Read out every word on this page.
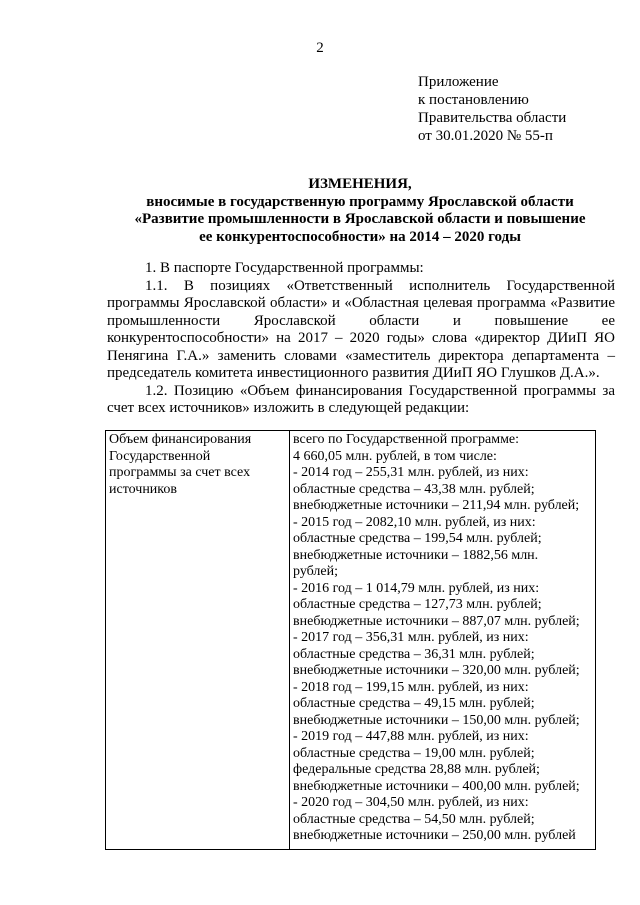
2
Приложение
к постановлению
Правительства области
от 30.01.2020 № 55-п
ИЗМЕНЕНИЯ,
вносимые в государственную программу Ярославской области
«Развитие промышленности в Ярославской области и повышение
ее конкурентоспособности» на 2014 – 2020 годы

1. В паспорте Государственной программы:

1.1. В позициях «Ответственный исполнитель Государственной программы Ярославской области» и «Областная целевая программа «Развитие промышленности Ярославской области и повышение ее конкурентоспособности» на 2017 – 2020 годы» слова «директор ДИиП ЯО Пенягина Г.А.» заменить словами «заместитель директора департамента – председатель комитета инвестиционного развития ДИиП ЯО Глушков Д.А.».

1.2. Позицию «Объем финансирования Государственной программы за счет всех источников» изложить в следующей редакции:

Объем финансирования
Государственной
программы за счет всех
источников

всего по Государственной программе:
4 660,05 млн. рублей, в том числе:
- 2014 год – 255,31 млн. рублей, из них:
областные средства – 43,38 млн. рублей;
внебюджетные источники – 211,94 млн. рублей;
- 2015 год – 2082,10 млн. рублей, из них:
областные средства – 199,54 млн. рублей;
внебюджетные источники – 1882,56 млн.
рублей;
- 2016 год – 1 014,79 млн. рублей, из них:
областные средства – 127,73 млн. рублей;
внебюджетные источники – 887,07 млн. рублей;
- 2017 год – 356,31 млн. рублей, из них:
областные средства – 36,31 млн. рублей;
внебюджетные источники – 320,00 млн. рублей;
- 2018 год – 199,15 млн. рублей, из них:
областные средства – 49,15 млн. рублей;
внебюджетные источники – 150,00 млн. рублей;
- 2019 год – 447,88 млн. рублей, из них:
областные средства – 19,00 млн. рублей;
федеральные средства 28,88 млн. рублей;
внебюджетные источники – 400,00 млн. рублей;
- 2020 год – 304,50 млн. рублей, из них:
областные средства – 54,50 млн. рублей;
внебюджетные источники – 250,00 млн. рублей
